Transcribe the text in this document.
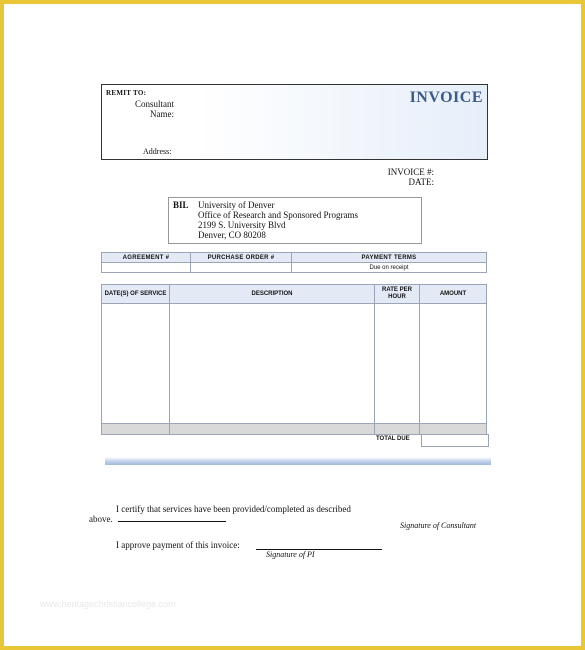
REMIT TO:
Consultant Name:
Address:
INVOICE
INVOICE #:
DATE:
BIL University of Denver
Office of Research and Sponsored Programs
2199 S. University Blvd
Denver, CO 80208
AGREEMENT #	PURCHASE ORDER #	PAYMENT TERMS
		Due on receipt
DATE(S) OF SERVICE	DESCRIPTION	RATE PER HOUR	AMOUNT

TOTAL DUE
I certify that services have been provided/completed as described
above.
Signature of Consultant
I approve payment of this invoice:
Signature of PI
www.heritagechristiancollege.com
